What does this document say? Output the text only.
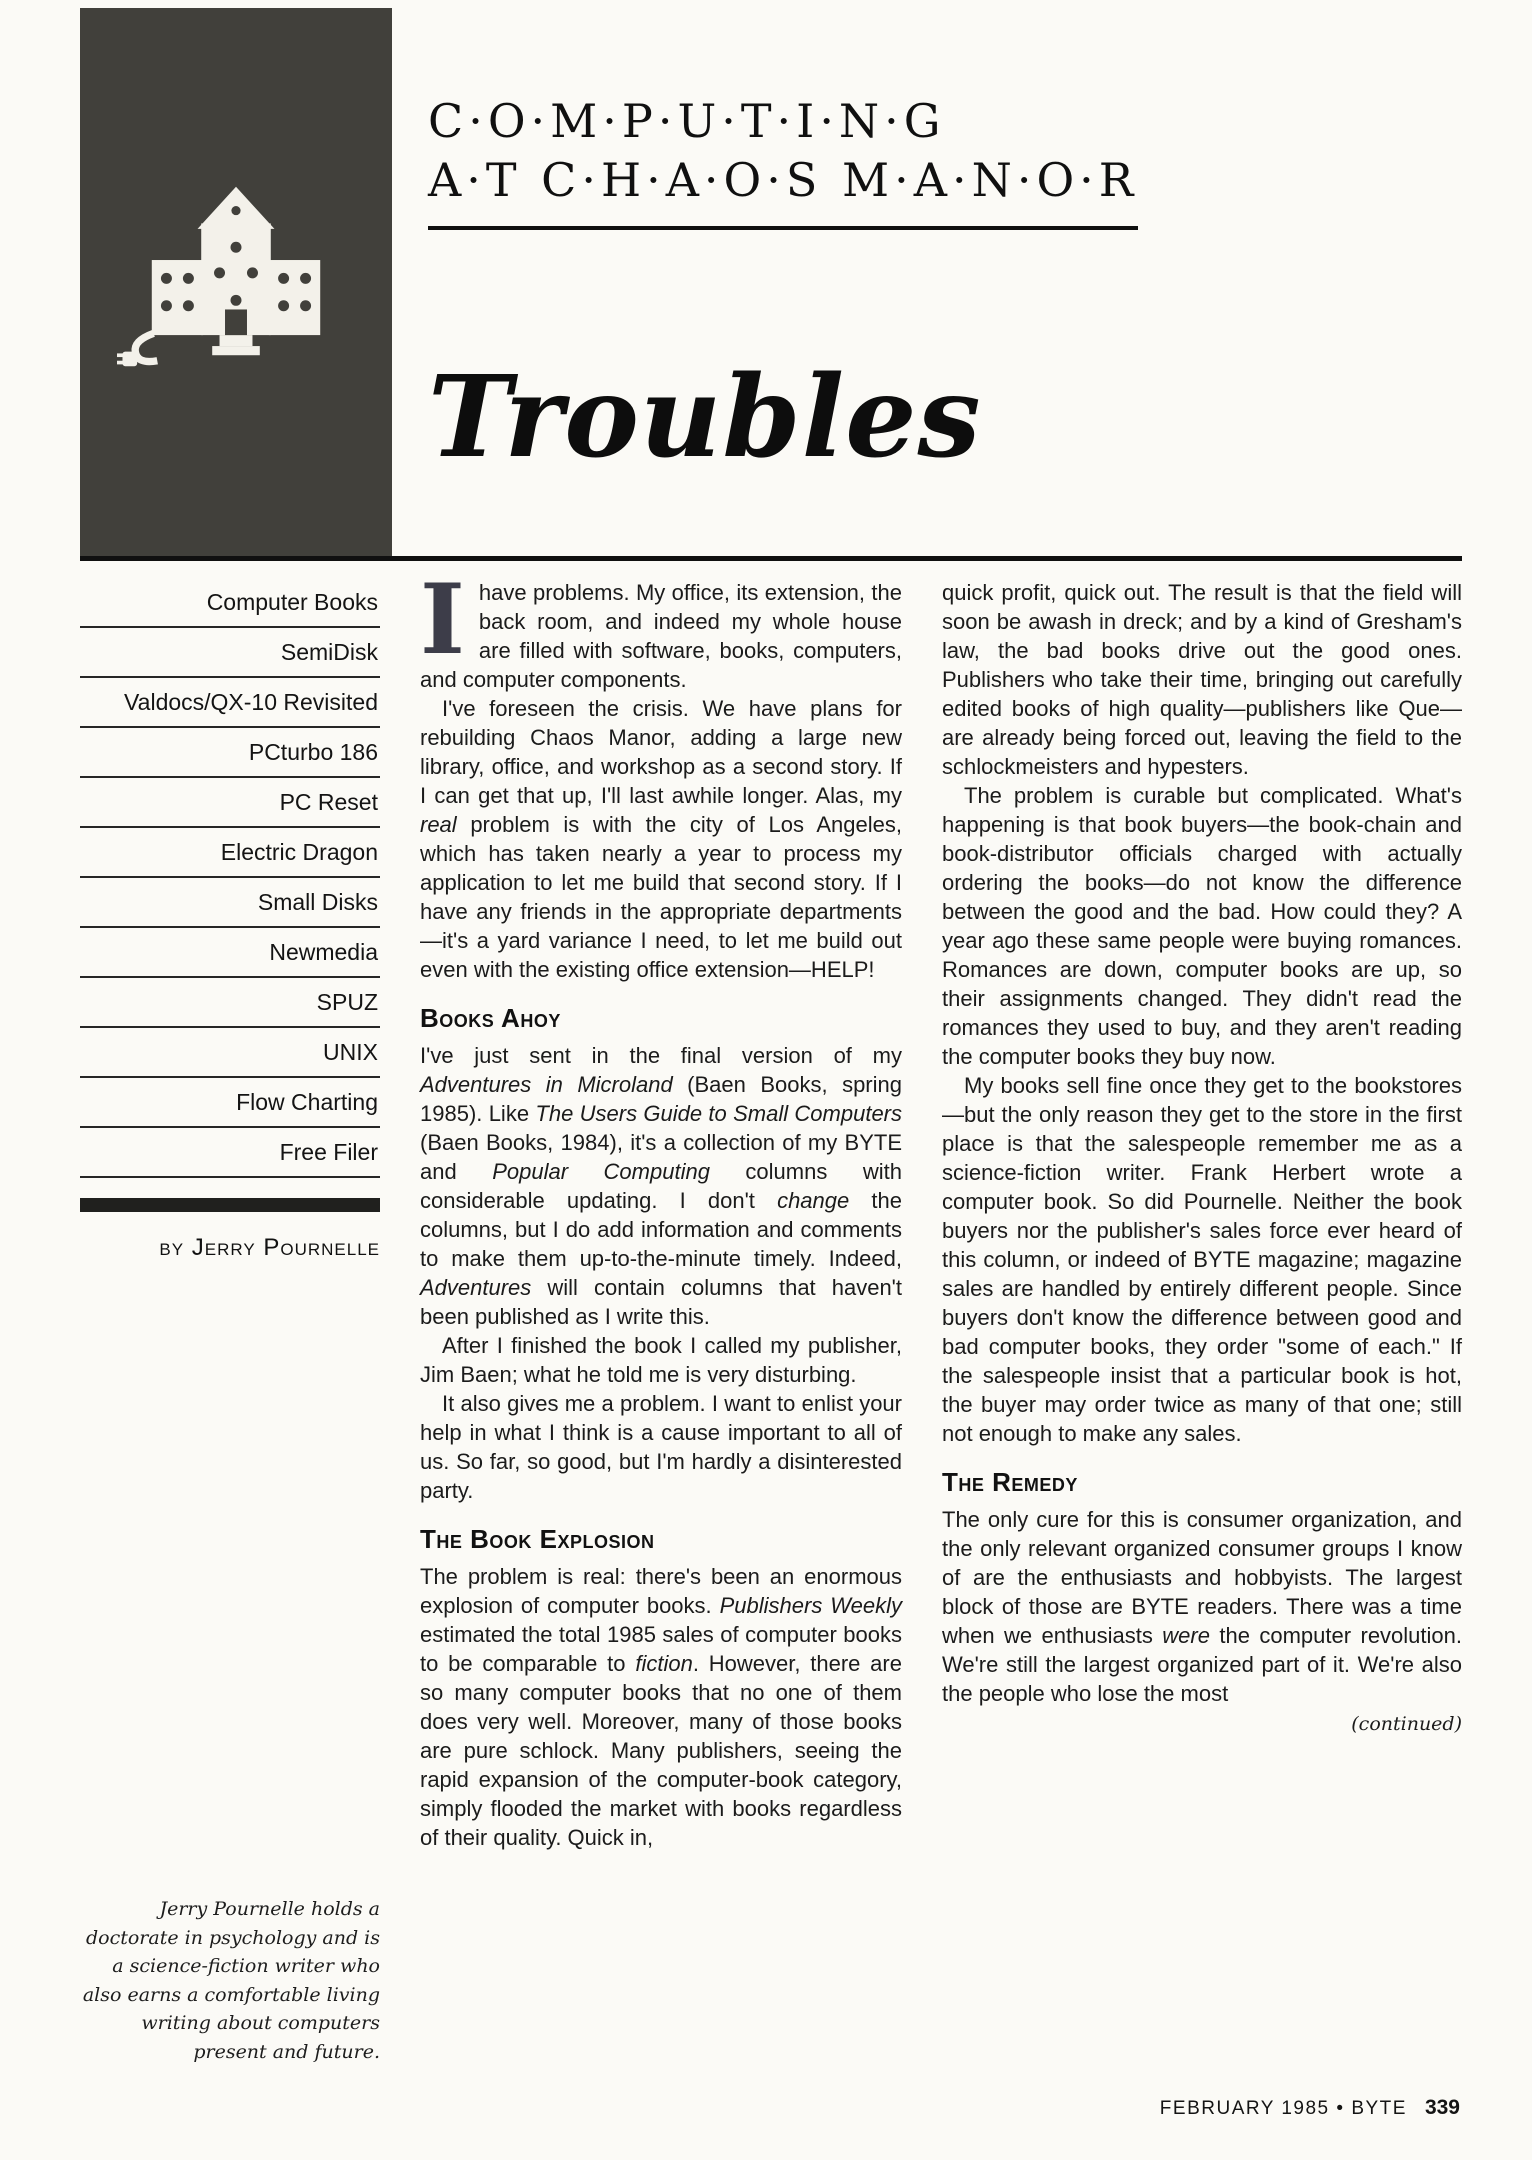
C·O·M·P·U·T·I·N·G
A·T C·H·A·O·S M·A·N·O·R
Troubles
Computer Books
SemiDisk
Valdocs/QX-10 Revisited
PCturbo 186
PC Reset
Electric Dragon
Small Disks
Newmedia
SPUZ
UNIX
Flow Charting
Free Filer
by Jerry Pournelle
Jerry Pournelle holds a doctorate in psychology and is a science-fiction writer who also earns a comfortable living writing about computers present and future.

Ihave problems. My office, its extension, the back room, and indeed my whole house are filled with software, books, computers, and computer components.

I've foreseen the crisis. We have plans for rebuilding Chaos Manor, adding a large new library, office, and workshop as a second story. If I can get that up, I'll last awhile longer. Alas, my real problem is with the city of Los Angeles, which has taken nearly a year to process my application to let me build that second story. If I have any friends in the appropriate departments—it's a yard variance I need, to let me build out even with the existing office extension—HELP!

Books Ahoy

I've just sent in the final version of my Adventures in Microland (Baen Books, spring 1985). Like The Users Guide to Small Computers (Baen Books, 1984), it's a collection of my BYTE and Popular Computing columns with considerable updating. I don't change the columns, but I do add information and comments to make them up-to-the-minute timely. Indeed, Adventures will contain columns that haven't been published as I write this.

After I finished the book I called my publisher, Jim Baen; what he told me is very disturbing.

It also gives me a problem. I want to enlist your help in what I think is a cause important to all of us. So far, so good, but I'm hardly a disinterested party.

The Book Explosion

The problem is real: there's been an enormous explosion of computer books. Publishers Weekly estimated the total 1985 sales of computer books to be comparable to fiction. However, there are so many computer books that no one of them does very well. Moreover, many of those books are pure schlock. Many publishers, seeing the rapid expansion of the computer-book category, simply flooded the market with books regardless of their quality. Quick in,

quick profit, quick out. The result is that the field will soon be awash in dreck; and by a kind of Gresham's law, the bad books drive out the good ones. Publishers who take their time, bringing out carefully edited books of high quality—publishers like Que—are already being forced out, leaving the field to the schlockmeisters and hypesters.

The problem is curable but complicated. What's happening is that book buyers—the book-chain and book-distributor officials charged with actually ordering the books—do not know the difference between the good and the bad. How could they? A year ago these same people were buying romances. Romances are down, computer books are up, so their assignments changed. They didn't read the romances they used to buy, and they aren't reading the computer books they buy now.

My books sell fine once they get to the bookstores—but the only reason they get to the store in the first place is that the salespeople remember me as a science-fiction writer. Frank Herbert wrote a computer book. So did Pournelle. Neither the book buyers nor the publisher's sales force ever heard of this column, or indeed of BYTE magazine; magazine sales are handled by entirely different people. Since buyers don't know the difference between good and bad computer books, they order "some of each." If the salespeople insist that a particular book is hot, the buyer may order twice as many of that one; still not enough to make any sales.

The Remedy

The only cure for this is consumer organization, and the only relevant organized consumer groups I know of are the enthusiasts and hobbyists. The largest block of those are BYTE readers. There was a time when we enthusiasts were the computer revolution. We're still the largest organized part of it. We're also the people who lose the most

(continued)

FEBRUARY 1985 • BYTE 339
